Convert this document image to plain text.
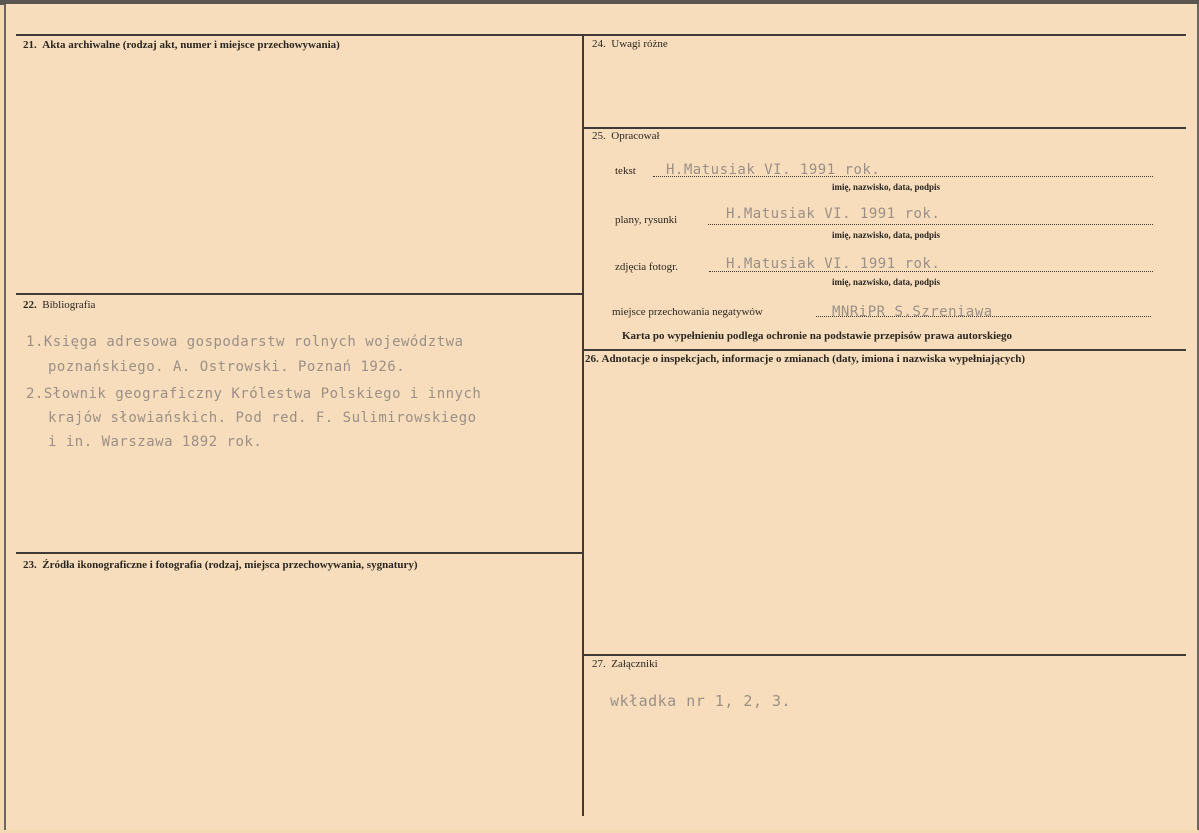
21. Akta archiwalne (rodzaj akt, numer i miejsce przechowywania)
22. Bibliografia
1.Księga adresowa gospodarstw rolnych województwa
poznańskiego. A. Ostrowski. Poznań 1926.
2.Słownik geograficzny Królestwa Polskiego i innych
krajów słowiańskich. Pod red. F. Sulimirowskiego
i in. Warszawa 1892 rok.
23. Źródła ikonograficzne i fotografia (rodzaj, miejsca przechowywania, sygnatury)
24. Uwagi różne
25. Opracował
tekst H.Matusiak VI. 1991 rok.
imię, nazwisko, data, podpis
plany, rysunki	H.Matusiak VI. 1991 rok.
imię, nazwisko, data, podpis
zdjęcia fotogr.	H.Matusiak VI. 1991 rok.
imię, nazwisko, data, podpis
miejsce przechowania negatywów	MNRiPR S.Szreniawa
Karta po wypełnieniu podlega ochronie na podstawie przepisów prawa autorskiego
26. Adnotacje o inspekcjach, informacje o zmianach (daty, imiona i nazwiska wypełniających)
27. Załączniki
wkładka nr 1, 2, 3.
